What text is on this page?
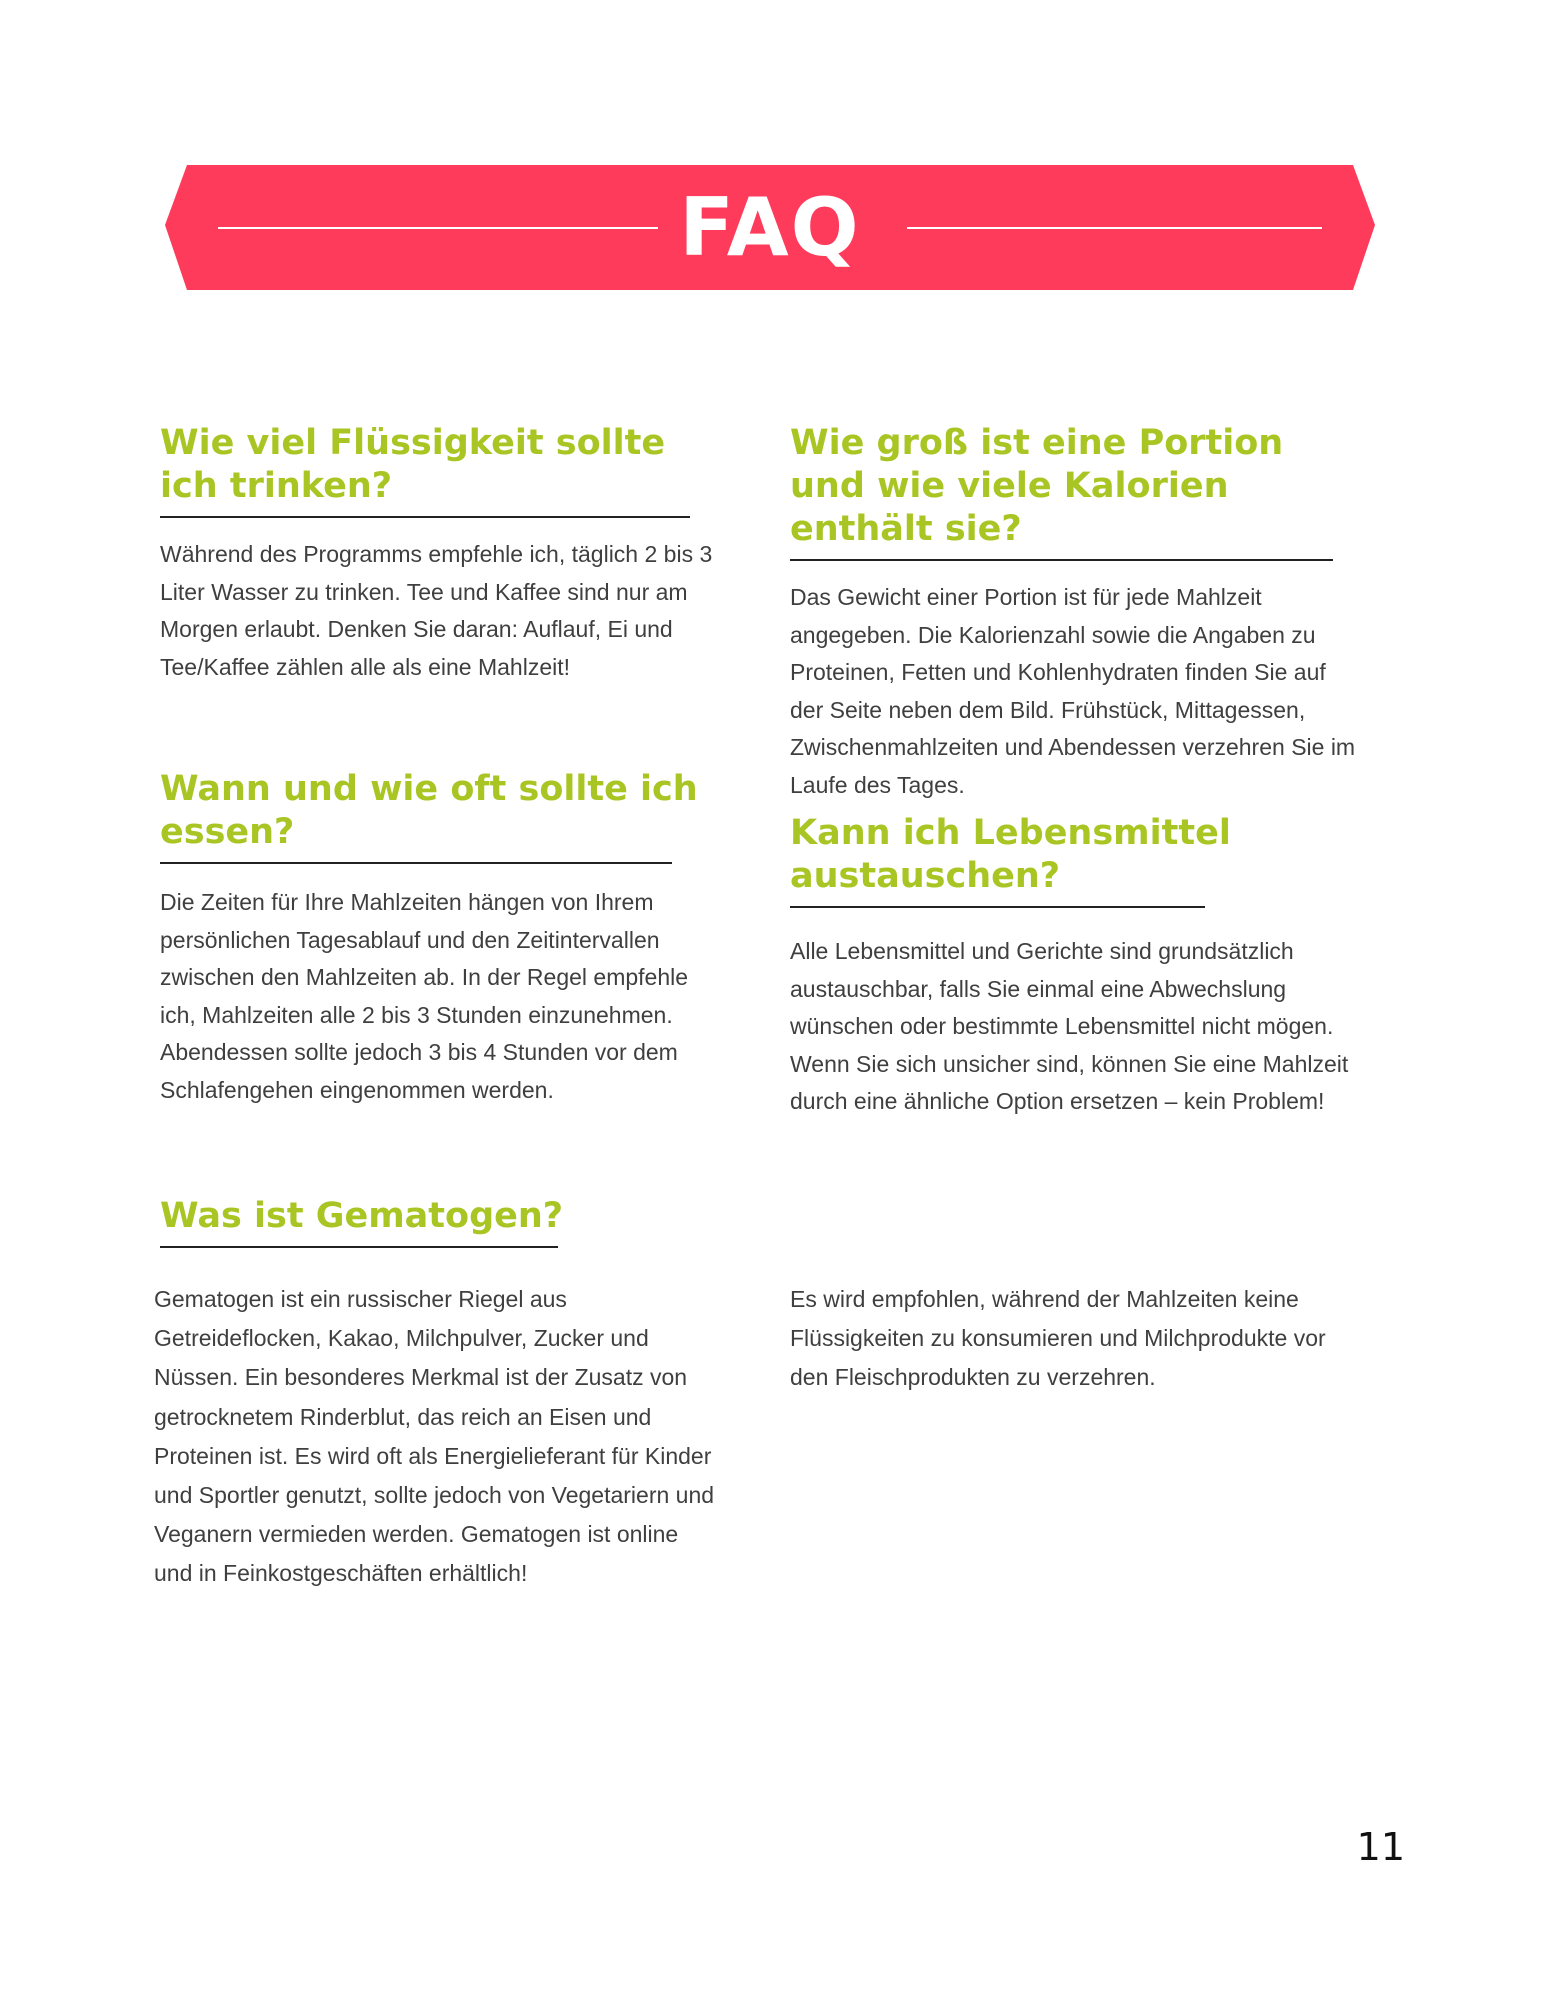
FAQ
Wie viel Flüssigkeit sollte ich trinken?

Während des Programms empfehle ich, täglich 2 bis 3 Liter Wasser zu trinken. Tee und Kaffee sind nur am Morgen erlaubt. Denken Sie daran: Auflauf, Ei und Tee/Kaffee zählen alle als eine Mahlzeit!

Wann und wie oft sollte ich essen?

Die Zeiten für Ihre Mahlzeiten hängen von Ihrem persönlichen Tagesablauf und den Zeitintervallen zwischen den Mahlzeiten ab. In der Regel empfehle ich, Mahlzeiten alle 2 bis 3 Stunden einzunehmen. Abendessen sollte jedoch 3 bis 4 Stunden vor dem Schlafengehen eingenommen werden.

Was ist Gematogen?

Gematogen ist ein russischer Riegel aus Getreideflocken, Kakao, Milchpulver, Zucker und Nüssen. Ein besonderes Merkmal ist der Zusatz von getrocknetem Rinderblut, das reich an Eisen und Proteinen ist. Es wird oft als Energielieferant für Kinder und Sportler genutzt, sollte jedoch von Vegetariern und Veganern vermieden werden. Gematogen ist online und in Feinkostgeschäften erhältlich!

Wie groß ist eine Portion und wie viele Kalorien enthält sie?

Das Gewicht einer Portion ist für jede Mahlzeit angegeben. Die Kalorienzahl sowie die Angaben zu Proteinen, Fetten und Kohlenhydraten finden Sie auf der Seite neben dem Bild. Frühstück, Mittagessen, Zwischenmahlzeiten und Abendessen verzehren Sie im Laufe des Tages.

Kann ich Lebensmittel austauschen?

Alle Lebensmittel und Gerichte sind grundsätzlich austauschbar, falls Sie einmal eine Abwechslung wünschen oder bestimmte Lebensmittel nicht mögen. Wenn Sie sich unsicher sind, können Sie eine Mahlzeit durch eine ähnliche Option ersetzen – kein Problem!

Es wird empfohlen, während der Mahlzeiten keine Flüssigkeiten zu konsumieren und Milchprodukte vor den Fleischprodukten zu verzehren.

11
